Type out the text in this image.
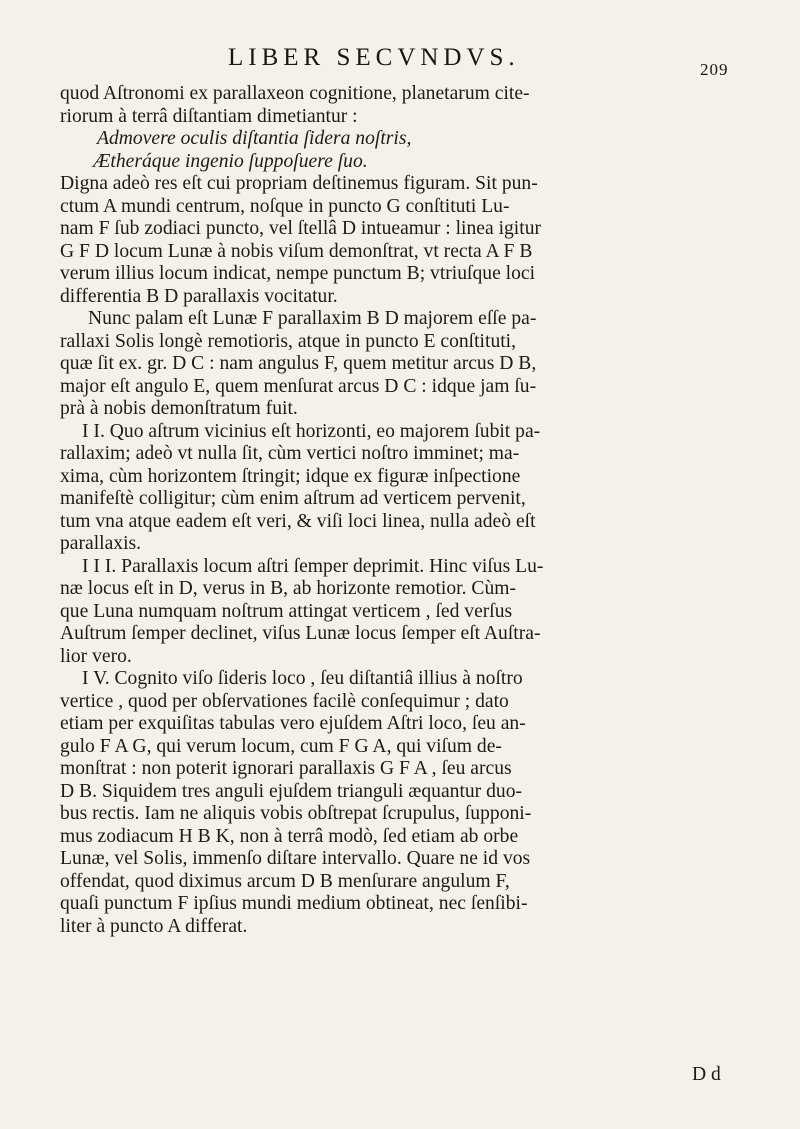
LIBER SECVNDVS.	209
quod Aſtronomi ex parallaxeon cognitione, planetarum cite-
riorum à terrâ diſtantiam dimetiantur :
Admovere oculis diſtantia ſidera noſtris,
Ætheráque ingenio ſuppoſuere ſuo.
Digna adeò res eſt cui propriam deſtinemus figuram. Sit pun-
ctum A mundi centrum, noſque in puncto G conſtituti Lu-
nam F ſub zodiaci puncto, vel ſtellâ D intueamur : linea igitur
G F D locum Lunæ à nobis viſum demonſtrat, vt recta A F B
verum illius locum indicat, nempe punctum B; vtriuſque loci
differentia B D parallaxis vocitatur.
Nunc palam eſt Lunæ F parallaxim B D majorem eſſe pa-
rallaxi Solis longè remotioris, atque in puncto E conſtituti,
quæ ſit ex. gr. D C : nam angulus F, quem metitur arcus D B,
major eſt angulo E, quem menſurat arcus D C : idque jam ſu-
prà à nobis demonſtratum fuit.
I I. Quo aſtrum vicinius eſt horizonti, eo majorem ſubit pa-
rallaxim; adeò vt nulla ſit, cùm vertici noſtro imminet; ma-
xima, cùm horizontem ſtringit; idque ex figuræ inſpectione
manifeſtè colligitur; cùm enim aſtrum ad verticem pervenit,
tum vna atque eadem eſt veri, & viſi loci linea, nulla adeò eſt
parallaxis.
I I I. Parallaxis locum aſtri ſemper deprimit. Hinc viſus Lu-
næ locus eſt in D, verus in B, ab horizonte remotior. Cùm-
que Luna numquam noſtrum attingat verticem , ſed verſus
Auſtrum ſemper declinet, viſus Lunæ locus ſemper eſt Auſtra-
lior vero.
I V. Cognito viſo ſideris loco , ſeu diſtantiâ illius à noſtro
vertice , quod per obſervationes facilè conſequimur ; dato
etiam per exquiſitas tabulas vero ejuſdem Aſtri loco, ſeu an-
gulo F A G, qui verum locum, cum F G A, qui viſum de-
monſtrat : non poterit ignorari parallaxis G F A , ſeu arcus
D B. Siquidem tres anguli ejuſdem trianguli æquantur duo-
bus rectis. Iam ne aliquis vobis obſtrepat ſcrupulus, ſupponi-
mus zodiacum H B K, non à terrâ modò, ſed etiam ab orbe
Lunæ, vel Solis, immenſo diſtare intervallo. Quare ne id vos
offendat, quod diximus arcum D B menſurare angulum F,
quaſi punctum F ipſius mundi medium obtineat, nec ſenſibi-
liter à puncto A differat.
D d
